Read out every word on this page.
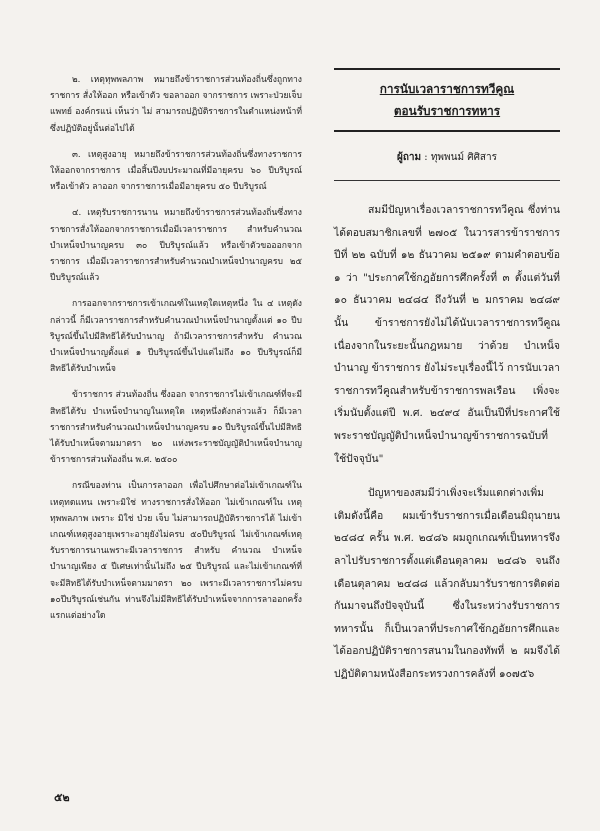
๒. เหตุทุพพลภาพ หมายถึงข้าราชการส่วนท้องถิ่นซึ่งถูกทางราชการ สั่งให้ออก หรือเข้าตัว ขอลาออก จากราชการ เพราะป่วยเจ็บ แพทย์ องค์กรแน่ เห็นว่า ไม่ สามารถปฏิบัติราชการในตำแหน่งหน้าที่ซึ่งปฏิบัติอยู่นั้นต่อไปได้

๓. เหตุสูงอายุ หมายถึงข้าราชการส่วนท้องถิ่นซึ่งทางราชการให้ออกจากราชการ เมื่อสิ้นปีงบประมาณที่มีอายุครบ ๖๐ ปีบริบูรณ์ หรือเข้าตัว ลาออก จากราชการเมื่อมีอายุครบ ๕๐ ปีบริบูรณ์

๔. เหตุรับราชการนาน หมายถึงข้าราชการส่วนท้องถิ่นซึ่งทางราชการสั่งให้ออกจากราชการเมื่อมีเวลาราชการ สำหรับคำนวณบำเหน็จบำนาญครบ ๓๐ ปีบริบูรณ์แล้ว หรือเข้าตัวขอออกจากราชการ เมื่อมีเวลาราชการสำหรับคำนวณบำเหน็จบำนาญครบ ๒๕ ปีบริบูรณ์แล้ว

การออกจากราชการเข้าเกณฑ์ในเหตุใดเหตุหนึ่ง ใน ๔ เหตุดังกล่าวนี้ ก็มีเวลาราชการสำหรับคำนวณบำเหน็จบำนาญตั้งแต่ ๑๐ ปีบริบูรณ์ขึ้นไปมีสิทธิได้รับบำนาญ ถ้ามีเวลาราชการสำหรับ คำนวณบำเหน็จบำนาญตั้งแต่ ๑ ปีบริบูรณ์ขึ้นไปแต่ไม่ถึง ๑๐ ปีบริบูรณ์ก็มีสิทธิได้รับบำเหน็จ

ข้าราชการ ส่วนท้องถิ่น ซึ่งออก จากราชการไม่เข้าเกณฑ์ที่จะมีสิทธิได้รับ บำเหน็จบำนาญในเหตุใด เหตุหนึ่งดังกล่าวแล้ว ก็มีเวลาราชการสำหรับคำนวณบำเหน็จบำนาญครบ ๑๐ ปีบริบูรณ์ขึ้นไปมีสิทธิได้รับบำเหน็จตามมาตรา ๒๐ แห่งพระราชบัญญัติบำเหน็จบำนาญข้าราชการส่วนท้องถิ่น พ.ศ. ๒๕๐๐

กรณีของท่าน เป็นการลาออก เพื่อไปศึกษาต่อไม่เข้าเกณฑ์ในเหตุทดแทน เพราะมิใช่ ทางราชการสั่งให้ออก ไม่เข้าเกณฑ์ใน เหตุ ทุพพลภาพ เพราะ มิใช่ ป่วย เจ็บ ไม่สามารถปฏิบัติราชการได้ ไม่เข้าเกณฑ์เหตุสูงอายุเพราะอายุยังไม่ครบ ๕๐ปีบริบูรณ์ ไม่เข้าเกณฑ์เหตุรับราชการนานเพราะมีเวลาราชการ สำหรับ คำนวณ บำเหน็จบำนาญเพียง ๕ ปีเศษเท่านั้นไม่ถึง ๒๕ ปีบริบูรณ์ และไม่เข้าเกณฑ์ที่จะมีสิทธิได้รับบำเหน็จตามมาตรา ๒๐ เพราะมีเวลาราชการไม่ครบ ๑๐ปีบริบูรณ์เช่นกัน ท่านจึงไม่มีสิทธิได้รับบำเหน็จจากการลาออกครั้งแรกแต่อย่างใด

การนับเวลาราชการทวีคูณ
ตอนรับราชการทหาร
ผู้ถาม : ทุพพนม์ ศิศิสาร

สมมีปัญหาเรื่องเวลาราชการทวีคูณ ซึ่งท่านได้ตอบสมาชิกเลขที่ ๒๗๐๕ ในวารสารข้าราชการ ปีที่ ๒๒ ฉบับที่ ๑๒ ธันวาคม ๒๕๑๙ ตามคำตอบข้อ ๑ ว่า "ประกาศใช้กฎอัยการศึกครั้งที่ ๓ ตั้งแต่วันที่ ๑๐ ธันวาคม ๒๔๘๔ ถึงวันที่ ๒ มกราคม ๒๔๘๙ นั้น ข้าราชการยังไม่ได้นับเวลาราชการทวีคูณ เนื่องจากในระยะนั้นกฎหมาย ว่าด้วย บำเหน็จ บำนาญ ข้าราชการ ยังไม่ระบุเรื่องนี้ไว้ การนับเวลาราชการทวีคูณสำหรับข้าราชการพลเรือน เพิ่งจะเริ่มนับตั้งแต่ปี พ.ศ. ๒๔๙๔ อันเป็นปีที่ประกาศใช้พระราชบัญญัติบำเหน็จบำนาญข้าราชการฉบับที่ใช้ปัจจุบัน"

ปัญหาของสมมีว่าเพิ่งจะเริ่มแตกต่างเพิ่มเติมดังนี้คือ ผมเข้ารับราชการเมื่อเดือนมิถุนายน ๒๔๘๔ ครั้น พ.ศ. ๒๔๘๖ ผมถูกเกณฑ์เป็นทหารจึงลาไปรับราชการตั้งแต่เดือนตุลาคม ๒๔๘๖ จนถึงเดือนตุลาคม ๒๔๘๘ แล้วกลับมารับราชการติดต่อกันมาจนถึงปัจจุบันนี้ ซึ่งในระหว่างรับราชการทหารนั้น ก็เป็นเวลาที่ประกาศใช้กฎอัยการศึกและได้ออกปฏิบัติราชการสนามในกองทัพที่ ๒ ผมจึงได้ปฏิบัติตามหนังสือกระทรวงการคลังที่ ๑๐๗๕๖

๕๒
